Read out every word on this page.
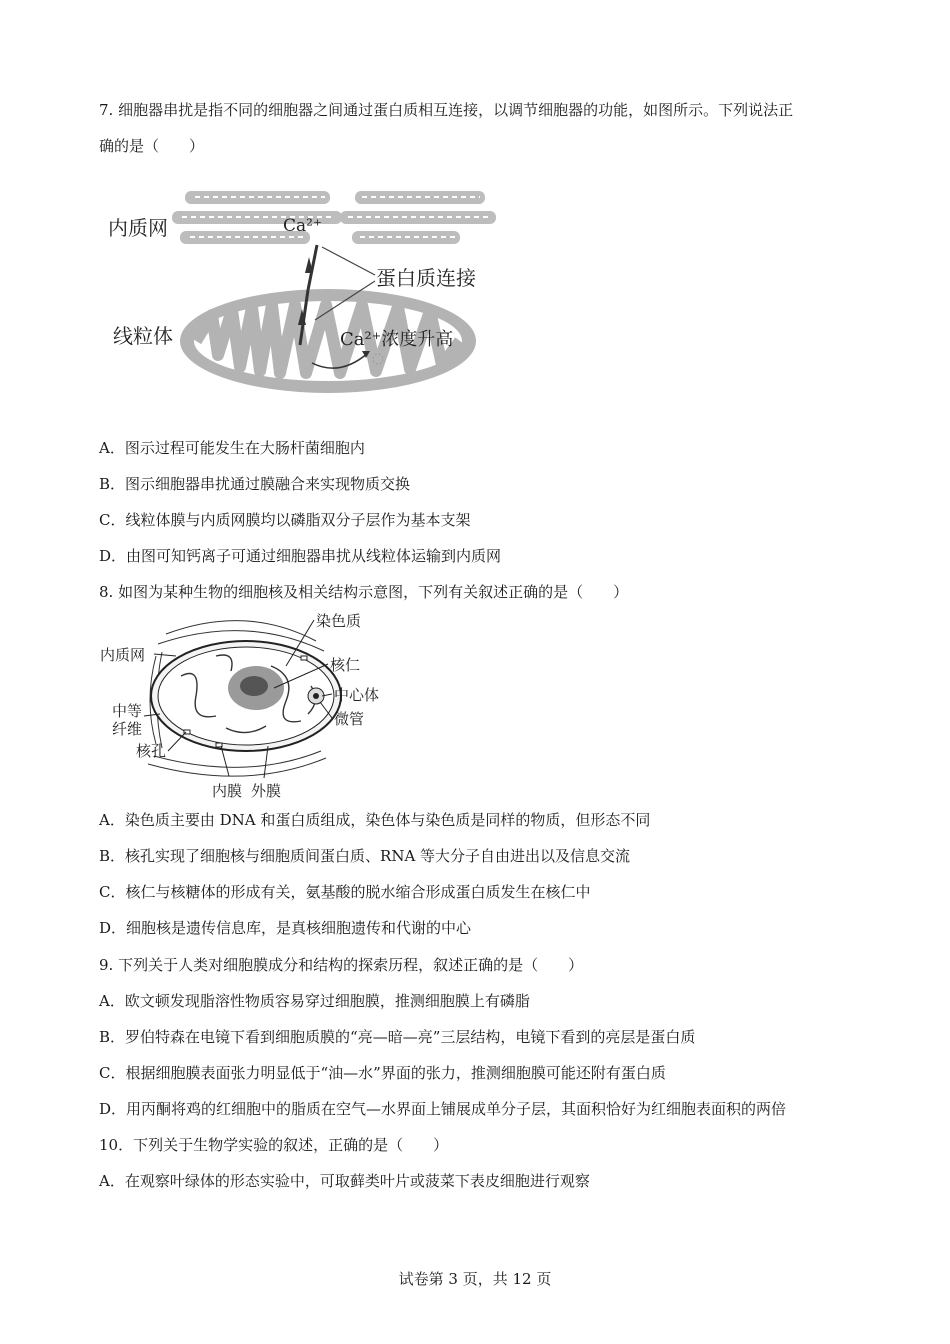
7. 细胞器串扰是指不同的细胞器之间通过蛋白质相互连接，以调节细胞器的功能，如图所示。下列说法正
确的是（　　）
内质网	Ca²⁺
蛋白质连接
线粒体	Ca²⁺浓度升高
A．图示过程可能发生在大肠杆菌细胞内
B．图示细胞器串扰通过膜融合来实现物质交换
C．线粒体膜与内质网膜均以磷脂双分子层作为基本支架
D．由图可知钙离子可通过细胞器串扰从线粒体运输到内质网
8. 如图为某种生物的细胞核及相关结构示意图，下列有关叙述正确的是（　　）
染色质
内质网
核仁
中心体
中等
纤维
微管
核孔
内膜 外膜
A．染色质主要由 DNA 和蛋白质组成，染色体与染色质是同样的物质，但形态不同
B．核孔实现了细胞核与细胞质间蛋白质、RNA 等大分子自由进出以及信息交流
C．核仁与核糖体的形成有关，氨基酸的脱水缩合形成蛋白质发生在核仁中
D．细胞核是遗传信息库，是真核细胞遗传和代谢的中心
9. 下列关于人类对细胞膜成分和结构的探索历程，叙述正确的是（　　）
A．欧文顿发现脂溶性物质容易穿过细胞膜，推测细胞膜上有磷脂
B．罗伯特森在电镜下看到细胞质膜的“亮—暗—亮”三层结构，电镜下看到的亮层是蛋白质
C．根据细胞膜表面张力明显低于“油—水”界面的张力，推测细胞膜可能还附有蛋白质
D．用丙酮将鸡的红细胞中的脂质在空气—水界面上铺展成单分子层，其面积恰好为红细胞表面积的两倍
10．下列关于生物学实验的叙述，正确的是（　　）
A．在观察叶绿体的形态实验中，可取藓类叶片或菠菜下表皮细胞进行观察
试卷第 3 页，共 12 页
